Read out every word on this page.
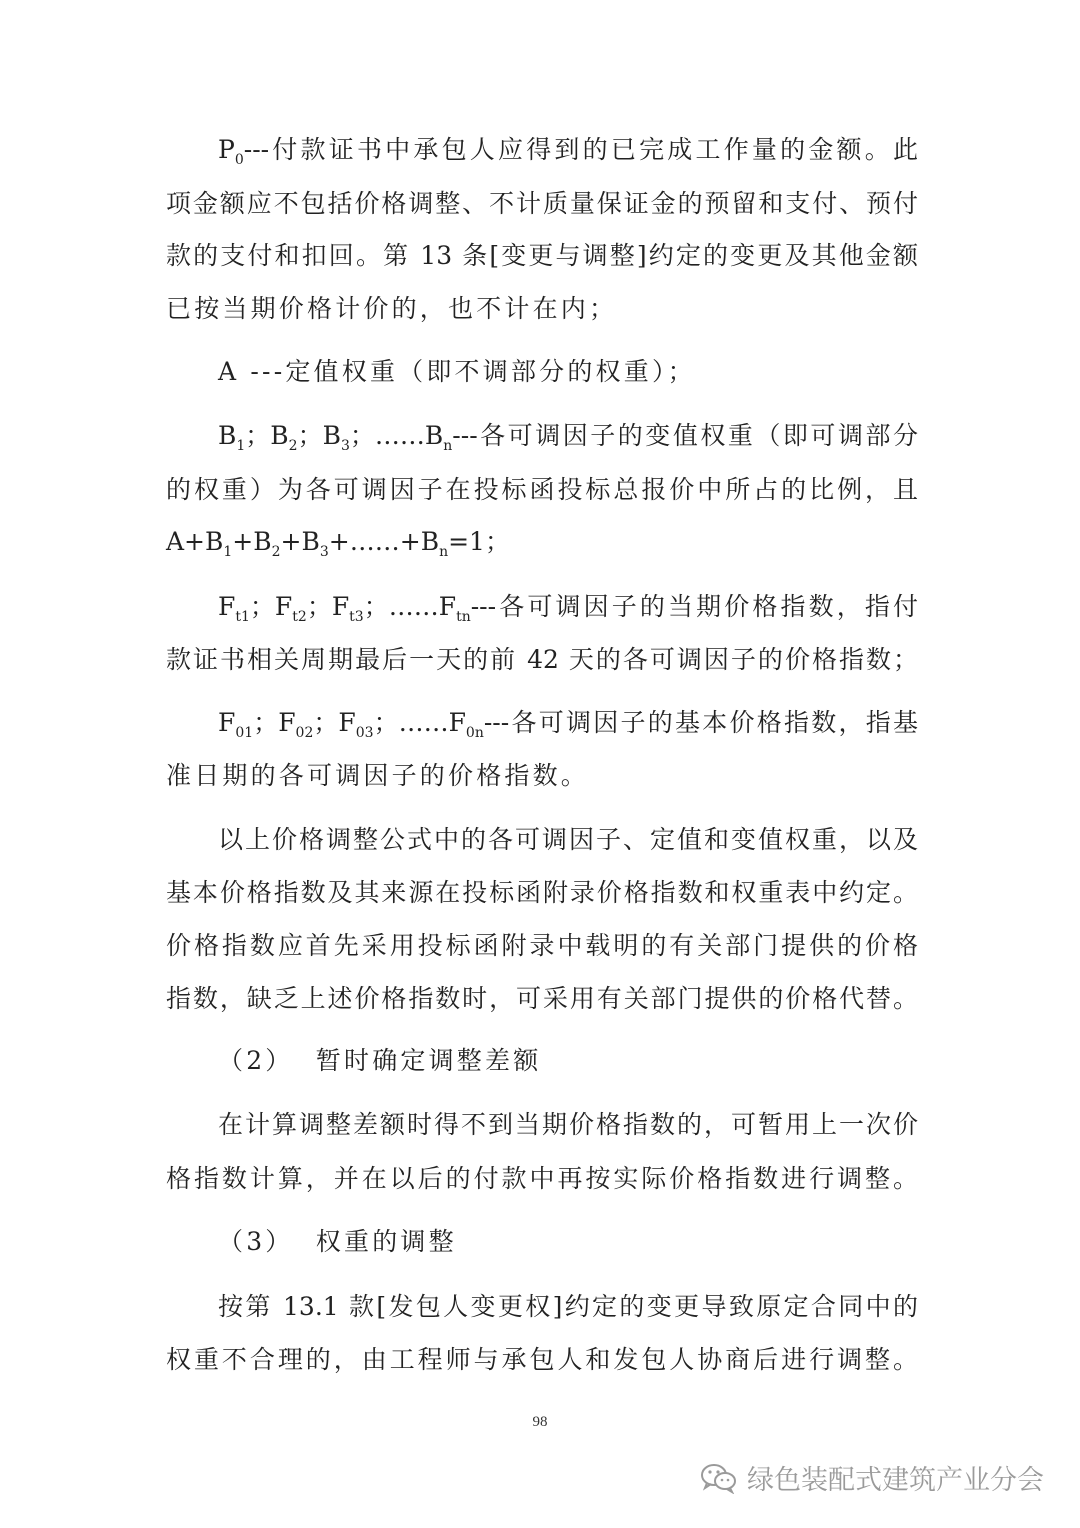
$P_0---$付款证书中承包人应得到的已完成工作量的金额。此
项金额应不包括价格调整、不计质量保证金的预留和支付、预付
款的支付和扣回。第 13 条[变更与调整]约定的变更及其他金额
已按当期价格计价的，也不计在内；
A ---定值权重（即不调部分的权重）；
$B_1$；$B_2$；$B_3$；$\dots\dots B_n---$各可调因子的变值权重（即可调部分
的权重）为各可调因子在投标函投标总报价中所占的比例，且
$A+B_1+B_2+B_3+\dots\dots+B_n=1$；
$F_{t1}$；$F_{t2}$；$F_{t3}$；$\dots\dots F_{tn}---$各可调因子的当期价格指数，指付
款证书相关周期最后一天的前 42 天的各可调因子的价格指数；
$F_{01}$；$F_{02}$；$F_{03}$；$\dots\dots F_{0n}---$各可调因子的基本价格指数，指基
准日期的各可调因子的价格指数。
以上价格调整公式中的各可调因子、定值和变值权重，以及
基本价格指数及其来源在投标函附录价格指数和权重表中约定。
价格指数应首先采用投标函附录中载明的有关部门提供的价格
指数，缺乏上述价格指数时，可采用有关部门提供的价格代替。
（2）  暂时确定调整差额
在计算调整差额时得不到当期价格指数的，可暂用上一次价
格指数计算，并在以后的付款中再按实际价格指数进行调整。
（3）  权重的调整
按第 13.1 款[发包人变更权]约定的变更导致原定合同中的
权重不合理的，由工程师与承包人和发包人协商后进行调整。
98
绿色装配式建筑产业分会
